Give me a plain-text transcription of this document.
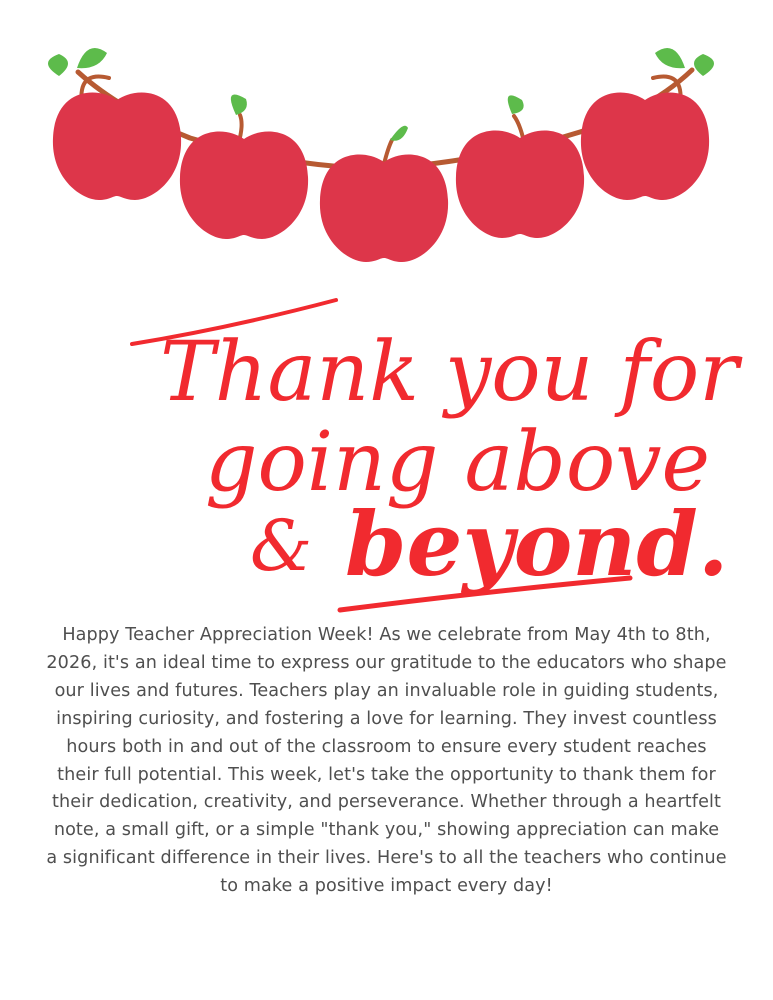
Thank you for
going above
& beyond.

Happy Teacher Appreciation Week! As we celebrate from May 4th to 8th, 2026, it's an ideal time to express our gratitude to the educators who shape our lives and futures. Teachers play an invaluable role in guiding students, inspiring curiosity, and fostering a love for learning. They invest countless hours both in and out of the classroom to ensure every student reaches their full potential. This week, let's take the opportunity to thank them for their dedication, creativity, and perseverance. Whether through a heartfelt note, a small gift, or a simple "thank you," showing appreciation can make a significant difference in their lives. Here's to all the teachers who continue to make a positive impact every day!
